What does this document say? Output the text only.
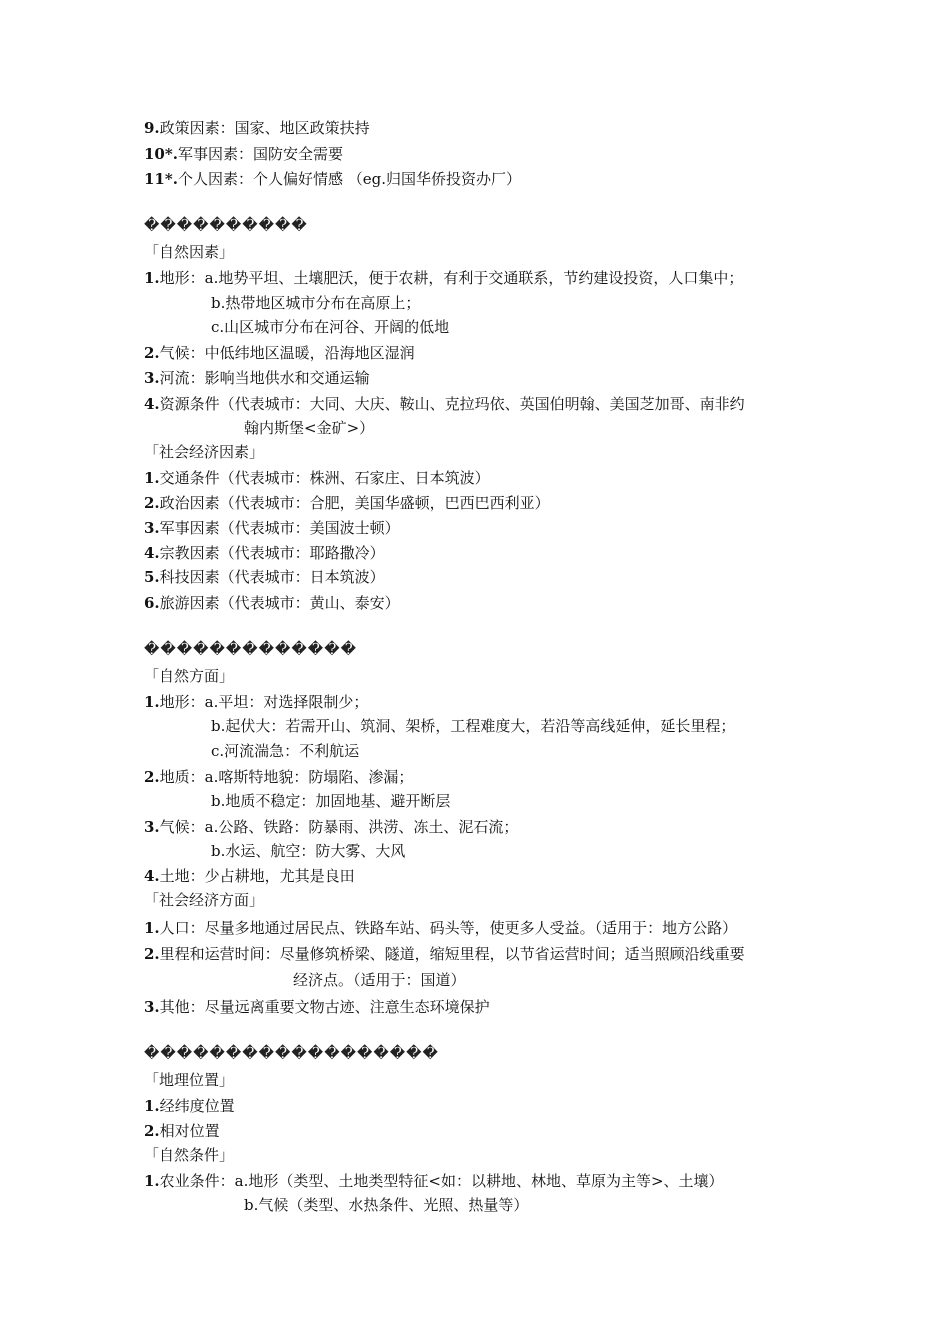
9.政策因素：国家、地区政策扶持
10*.军事因素：国防安全需要
11*.个人因素：个人偏好情感 （eg.归国华侨投资办厂）
����������
「自然因素」
1.地形：a.地势平坦、土壤肥沃，便于农耕，有利于交通联系，节约建设投资，人口集中；
b.热带地区城市分布在高原上；
c.山区城市分布在河谷、开阔的低地
2.气候：中低纬地区温暖，沿海地区湿润
3.河流：影响当地供水和交通运输
4.资源条件（代表城市：大同、大庆、鞍山、克拉玛依、英国伯明翰、美国芝加哥、南非约
翰内斯堡<金矿>）
「社会经济因素」
1.交通条件（代表城市：株洲、石家庄、日本筑波）
2.政治因素（代表城市：合肥，美国华盛顿，巴西巴西利亚）
3.军事因素（代表城市：美国波士顿）
4.宗教因素（代表城市：耶路撒冷）
5.科技因素（代表城市：日本筑波）
6.旅游因素（代表城市：黄山、泰安）
�������������
「自然方面」
1.地形：a.平坦：对选择限制少；
b.起伏大：若需开山、筑洞、架桥，工程难度大，若沿等高线延伸，延长里程；
c.河流湍急：不利航运
2.地质：a.喀斯特地貌：防塌陷、渗漏；
b.地质不稳定：加固地基、避开断层
3.气候：a.公路、铁路：防暴雨、洪涝、冻土、泥石流；
b.水运、航空：防大雾、大风
4.土地：少占耕地，尤其是良田
「社会经济方面」
1.人口：尽量多地通过居民点、铁路车站、码头等，使更多人受益。（适用于：地方公路）
2.里程和运营时间：尽量修筑桥梁、隧道，缩短里程，以节省运营时间；适当照顾沿线重要
经济点。（适用于：国道）
3.其他：尽量远离重要文物古迹、注意生态环境保护
������������������
「地理位置」
1.经纬度位置
2.相对位置
「自然条件」
1.农业条件：a.地形（类型、土地类型特征<如：以耕地、林地、草原为主等>、土壤）
b.气候（类型、水热条件、光照、热量等）
